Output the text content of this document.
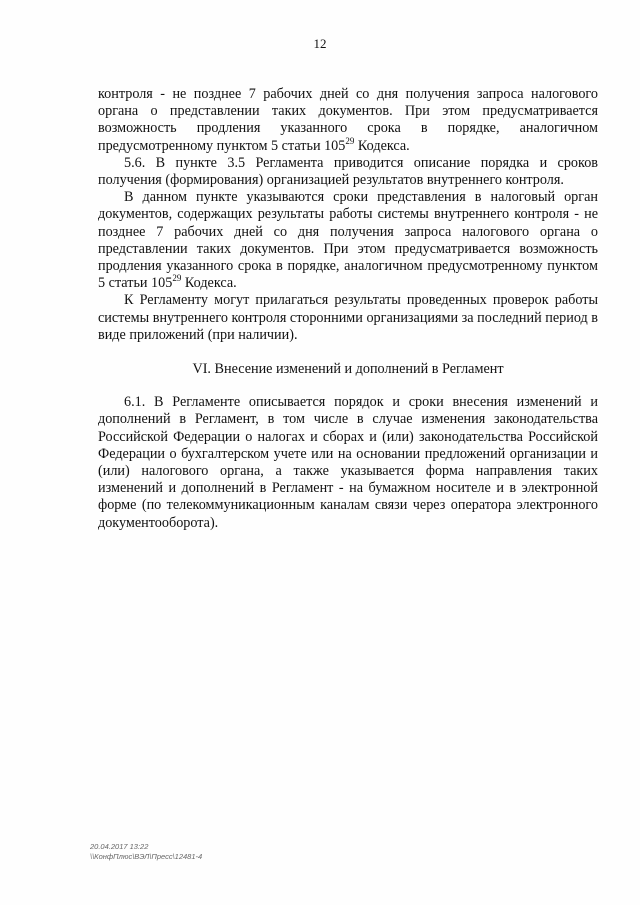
12

контроля - не позднее 7 рабочих дней со дня получения запроса налогового органа о представлении таких документов. При этом предусматривается возможность продления указанного срока в порядке, аналогичном предусмотренному пунктом 5 статьи $105^{29}$ Кодекса.

5.6. В пункте 3.5 Регламента приводится описание порядка и сроков получения (формирования) организацией результатов внутреннего контроля.

В данном пункте указываются сроки представления в налоговый орган документов, содержащих результаты работы системы внутреннего контроля - не позднее 7 рабочих дней со дня получения запроса налогового органа о представлении таких документов. При этом предусматривается возможность продления указанного срока в порядке, аналогичном предусмотренному пунктом 5 статьи $105^{29}$ Кодекса.

К Регламенту могут прилагаться результаты проведенных проверок работы системы внутреннего контроля сторонними организациями за последний период в виде приложений (при наличии).

VI. Внесение изменений и дополнений в Регламент

6.1. В Регламенте описывается порядок и сроки внесения изменений и дополнений в Регламент, в том числе в случае изменения законодательства Российской Федерации о налогах и сборах и (или) законодательства Российской Федерации о бухгалтерском учете или на основании предложений организации и (или) налогового органа, а также указывается форма направления таких изменений и дополнений в Регламент - на бумажном носителе и в электронной форме (по телекоммуникационным каналам связи через оператора электронного документооборота).

20.04.2017 13:22
\\КонфПлюс\ВЭЛ\Пресс\12481-4
